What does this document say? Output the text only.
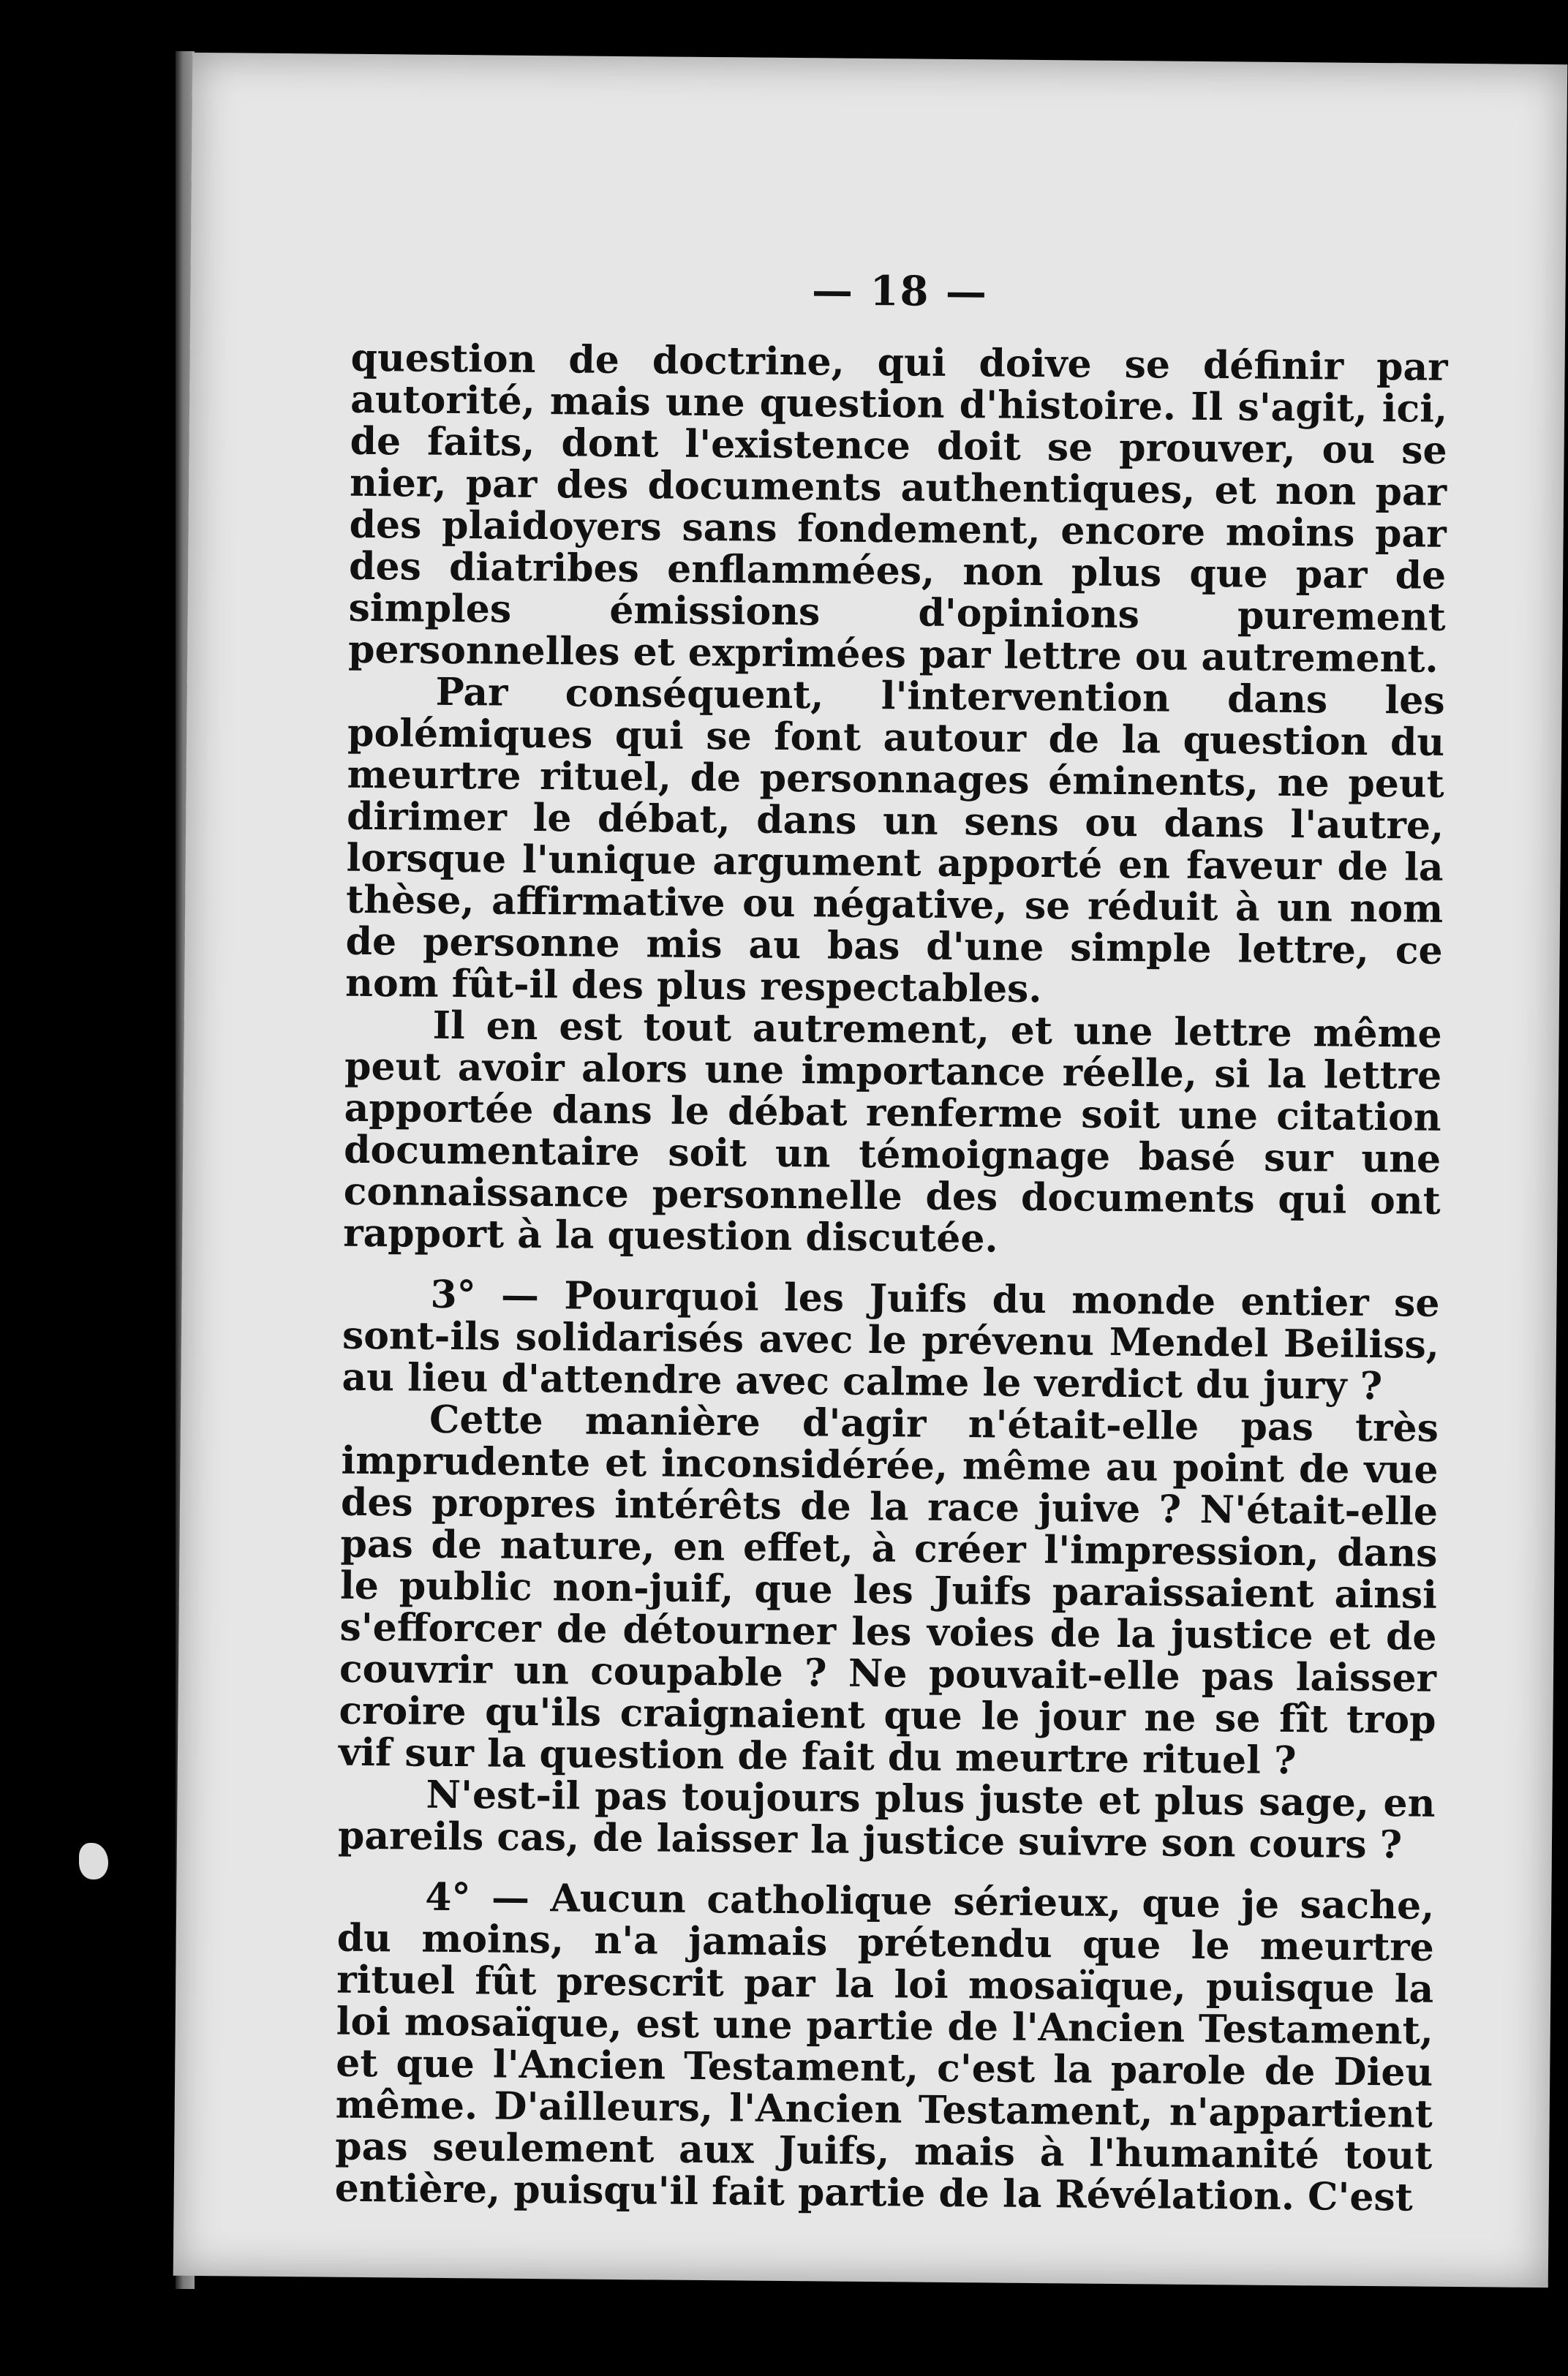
— 18 —

question de doctrine, qui doive se définir par autorité, mais une question d'histoire. Il s'agit, ici, de faits, dont l'existence doit se prouver, ou se nier, par des documents authentiques, et non par des plaidoyers sans fondement, encore moins par des diatribes enflammées, non plus que par de simples émissions d'opinions purement personnelles et exprimées par lettre ou autrement.

Par conséquent, l'intervention dans les polémiques qui se font autour de la question du meurtre rituel, de personnages éminents, ne peut dirimer le débat, dans un sens ou dans l'autre, lorsque l'unique argument apporté en faveur de la thèse, affirmative ou négative, se réduit à un nom de personne mis au bas d'une simple lettre, ce nom fût-il des plus respectables.

Il en est tout autrement, et une lettre même peut avoir alors une importance réelle, si la lettre apportée dans le débat renferme soit une citation documentaire soit un témoignage basé sur une connaissance personnelle des documents qui ont rapport à la question discutée.

3° — Pourquoi les Juifs du monde entier se sont-ils solidarisés avec le prévenu Mendel Beiliss, au lieu d'attendre avec calme le verdict du jury ?

Cette manière d'agir n'était-elle pas très imprudente et inconsidérée, même au point de vue des propres intérêts de la race juive ? N'était-elle pas de nature, en effet, à créer l'impression, dans le public non-juif, que les Juifs paraissaient ainsi s'efforcer de détourner les voies de la justice et de couvrir un coupable ? Ne pouvait-elle pas laisser croire qu'ils craignaient que le jour ne se fît trop vif sur la question de fait du meurtre rituel ?

N'est-il pas toujours plus juste et plus sage, en pareils cas, de laisser la justice suivre son cours ?

4° — Aucun catholique sérieux, que je sache, du moins, n'a jamais prétendu que le meurtre rituel fût prescrit par la loi mosaïque, puisque la loi mosaïque, est une partie de l'Ancien Testament, et que l'Ancien Testament, c'est la parole de Dieu même. D'ailleurs, l'Ancien Testament, n'appartient pas seulement aux Juifs, mais à l'humanité tout entière, puisqu'il fait partie de la Révélation. C'est
